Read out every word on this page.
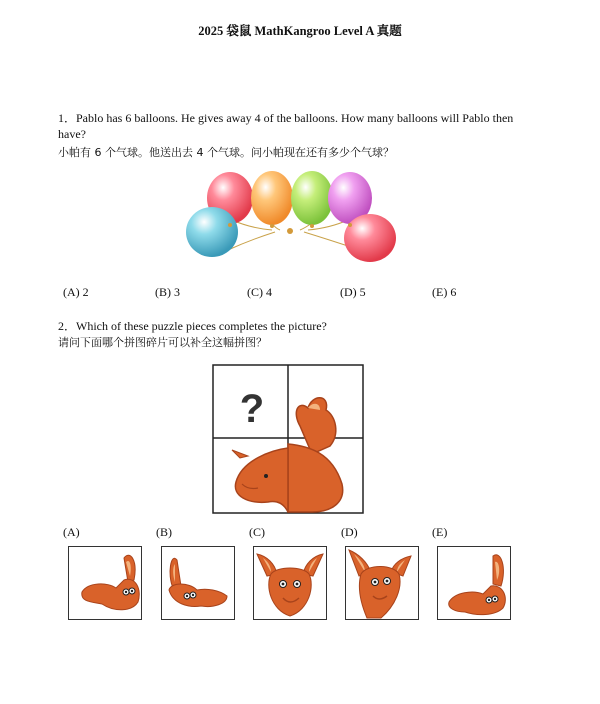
2025 袋鼠 MathKangroo Level A 真题
1．Pablo has 6 balloons. He gives away 4 of the balloons. How many balloons will Pablo then have?
小帕有 6 个气球。他送出去 4 个气球。问小帕现在还有多少个气球？
(A) 2	(B) 3	(C) 4	(D) 5	(E) 6
2．Which of these puzzle pieces completes the picture?
请问下面哪个拼图碎片可以补全这幅拼图？
?
(A)	(B)	(C)	(D)	(E)
